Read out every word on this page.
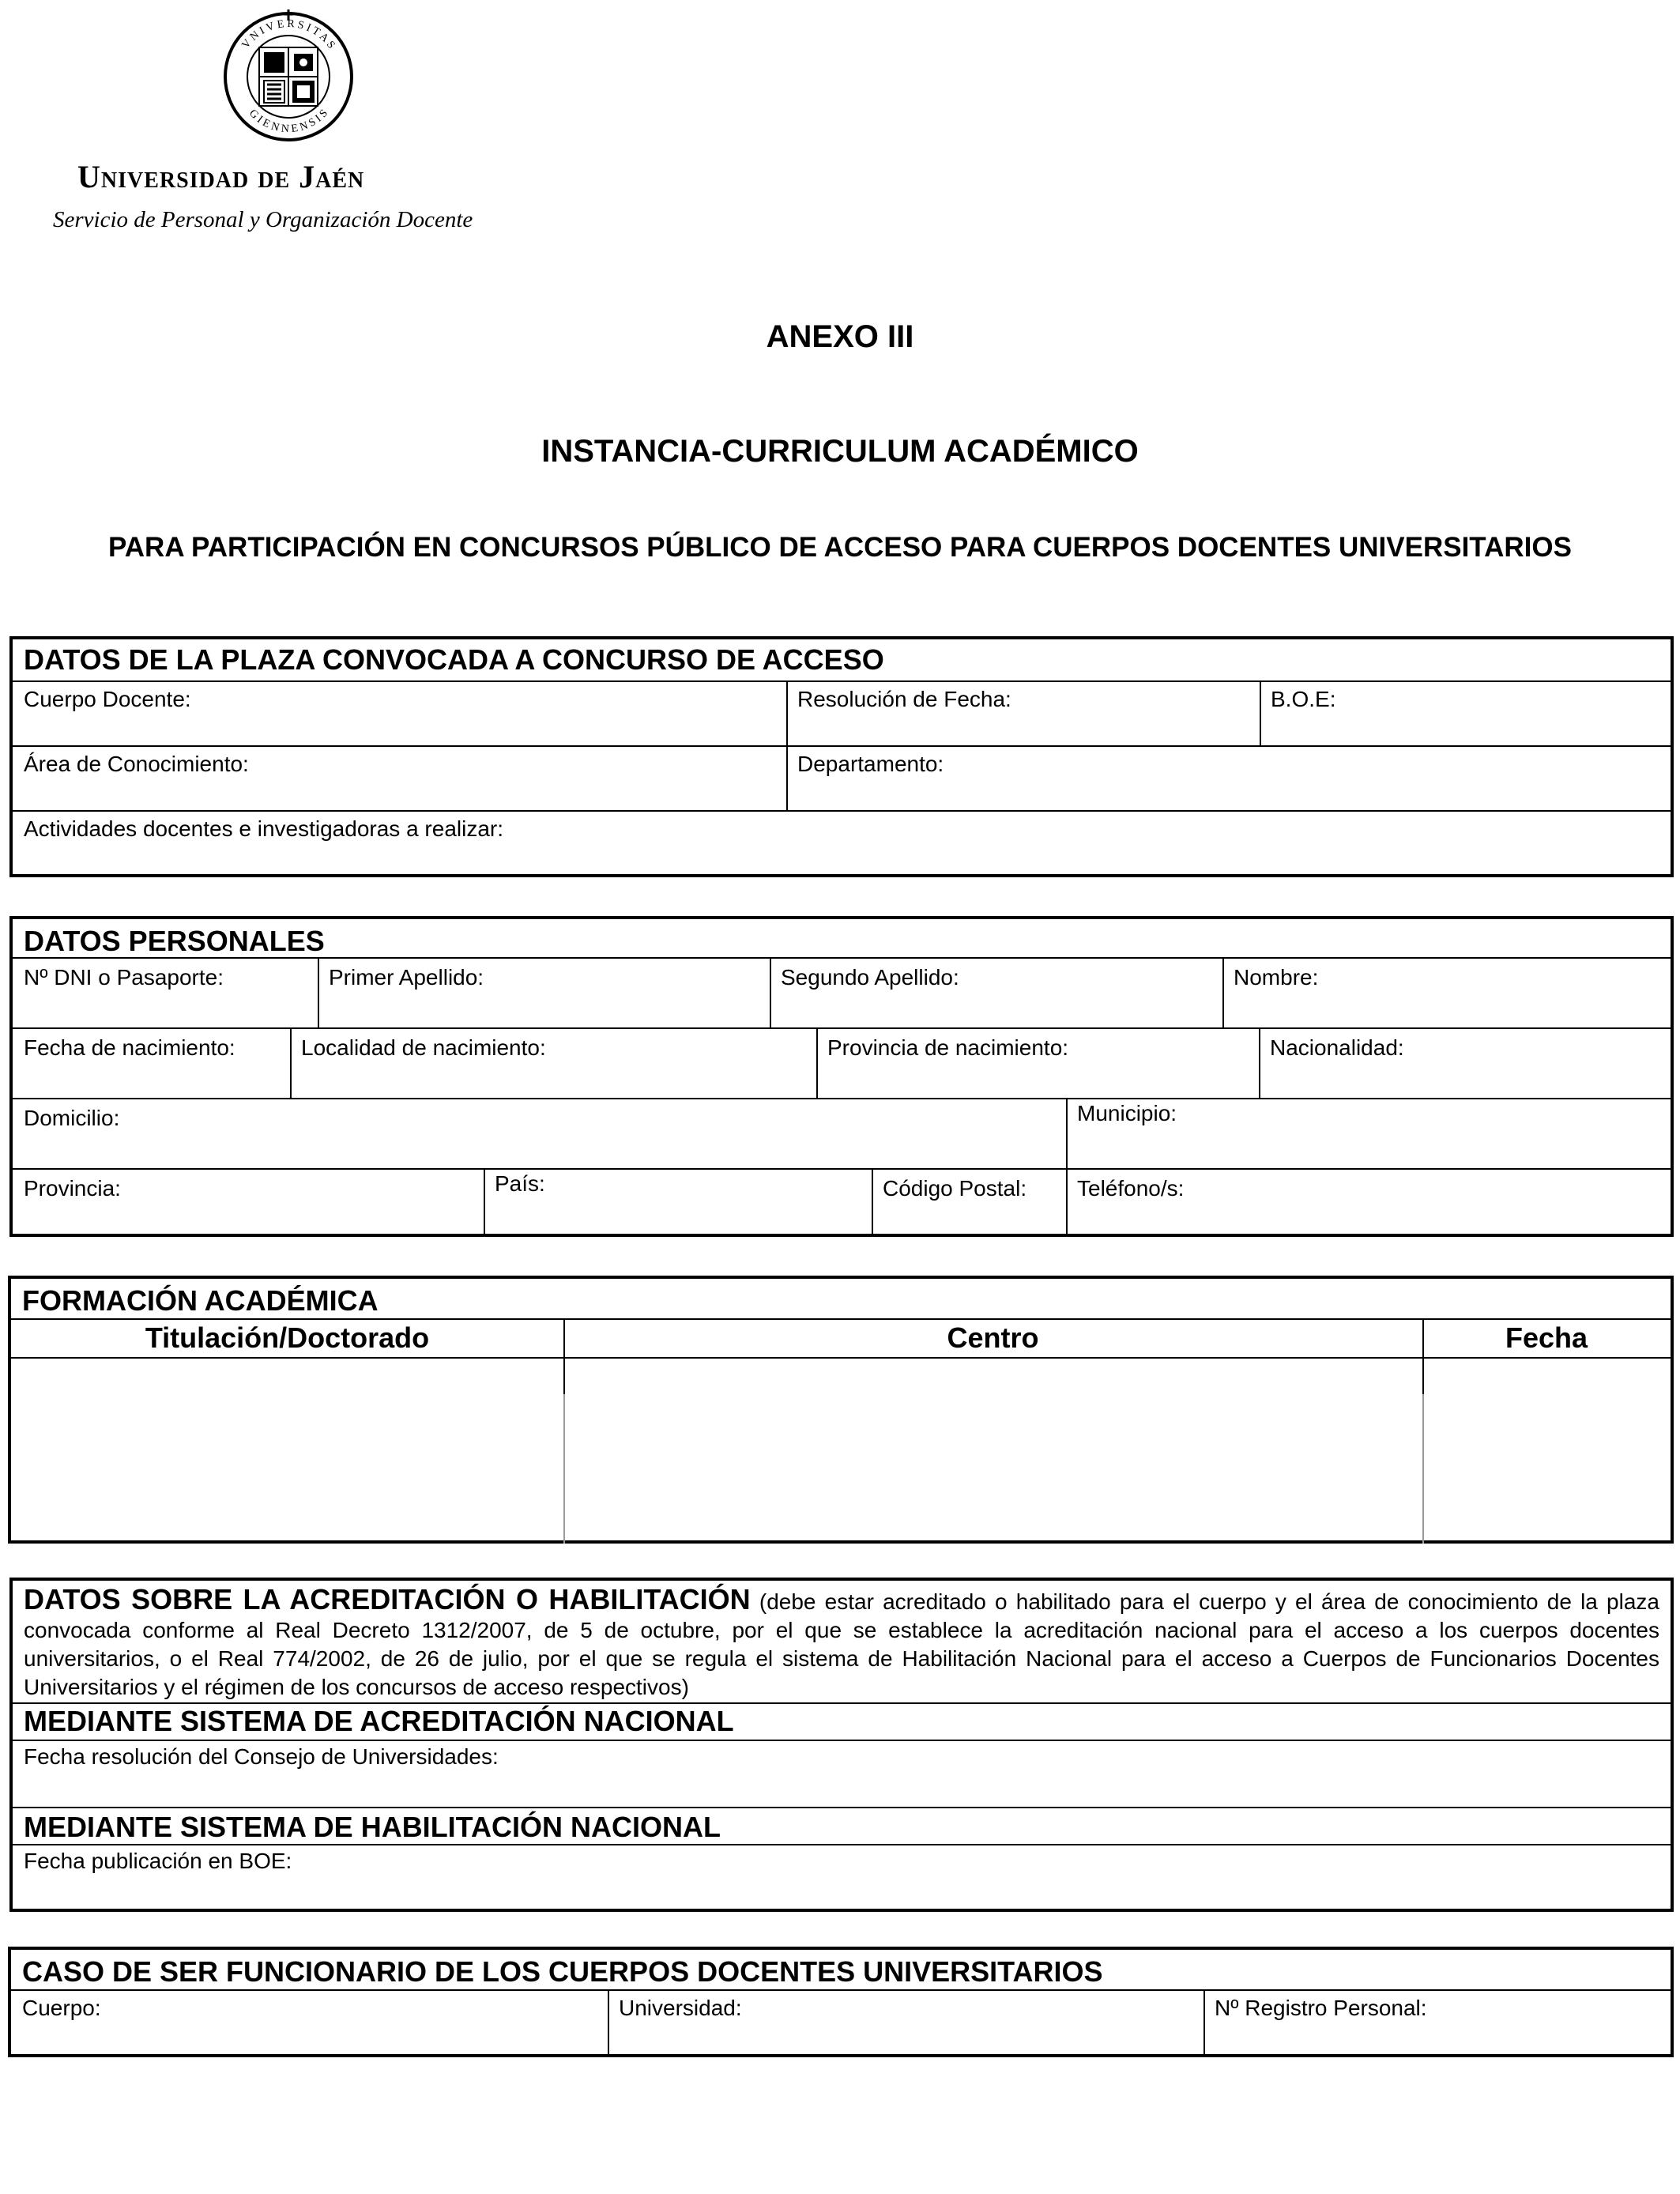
V N I V E R S I T A S
G I E N N E N S I S
Universidad de Jaén
Servicio de Personal y Organización Docente
ANEXO III
INSTANCIA-CURRICULUM ACADÉMICO
PARA PARTICIPACIÓN EN CONCURSOS PÚBLICO DE ACCESO PARA CUERPOS DOCENTES UNIVERSITARIOS
DATOS DE LA PLAZA CONVOCADA A CONCURSO DE ACCESO
Cuerpo Docente:	Resolución de Fecha:	B.O.E:
Área de Conocimiento:	Departamento:
Actividades docentes e investigadoras a realizar:
DATOS PERSONALES
Nº DNI o Pasaporte:	Primer Apellido:	Segundo Apellido:	Nombre:
Fecha de nacimiento:	Localidad de nacimiento:	Provincia de nacimiento:	Nacionalidad:
Domicilio:	Municipio:
Provincia:	País:	Código Postal: Teléfono/s:
FORMACIÓN ACADÉMICA
Titulación/Doctorado	Centro	Fecha
DATOS SOBRE LA ACREDITACIÓN O HABILITACIÓN (debe estar acreditado o habilitado para el cuerpo y el área de conocimiento de la plaza convocada conforme al Real Decreto 1312/2007, de 5 de octubre, por el que se establece la acreditación nacional para el acceso a los cuerpos docentes universitarios, o el Real 774/2002, de 26 de julio, por el que se regula el sistema de Habilitación Nacional para el acceso a Cuerpos de Funcionarios Docentes Universitarios y el régimen de los concursos de acceso respectivos)
MEDIANTE SISTEMA DE ACREDITACIÓN NACIONAL
Fecha resolución del Consejo de Universidades:
MEDIANTE SISTEMA DE HABILITACIÓN NACIONAL
Fecha publicación en BOE:
CASO DE SER FUNCIONARIO DE LOS CUERPOS DOCENTES UNIVERSITARIOS
Cuerpo:	Universidad:	Nº Registro Personal:
